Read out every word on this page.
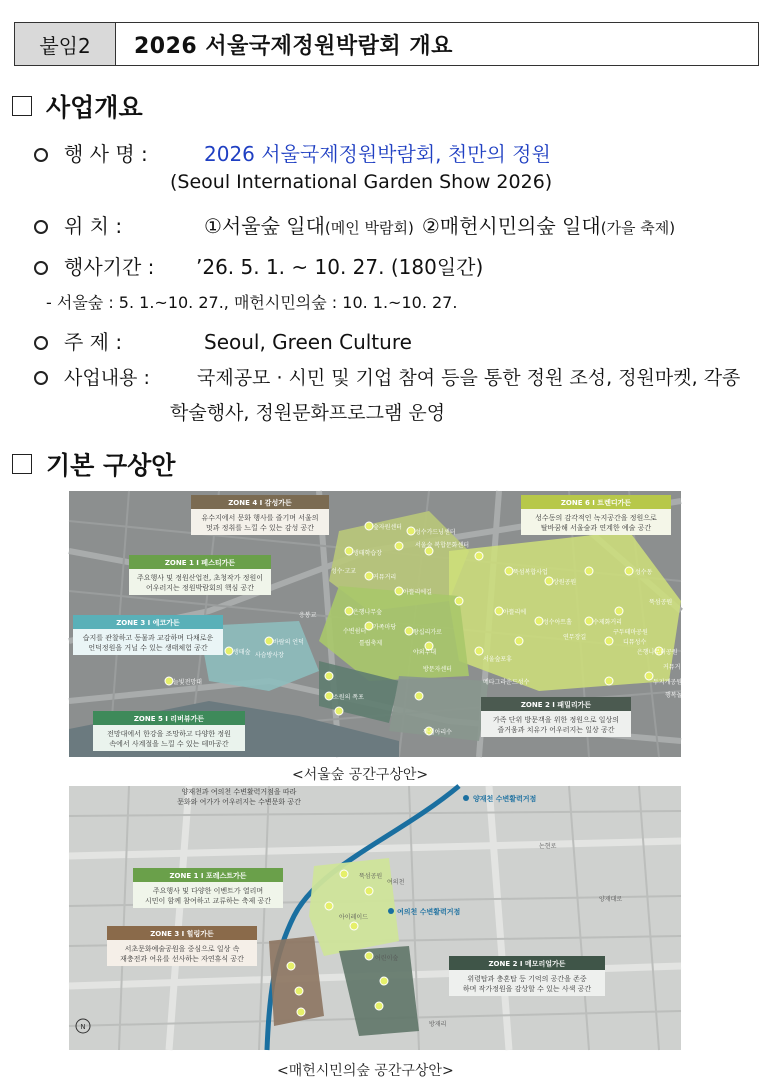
붙임2	2026 서울국제정원박람회 개요
사업개요
행 사 명 :	2026 서울국제정원박람회, 천만의 정원
(Seoul International Garden Show 2026)
위 치 :	①서울숲 일대 (메인 박람회) ②매헌시민의숲 일대 (가을 축제)
행사기간 :	’26. 5. 1. ~ 10. 27. (180일간)
- 서울숲 : 5. 1.~10. 27., 매헌시민의숲 : 10. 1.~10. 27.
주 제 :	Seoul, Green Culture
사업내용 :	국제공모 · 시민 및 기업 참여 등을 통한 정원 조성, 정원마켓, 각종
학술행사, 정원문화프로그램 운영
기본 구상안
ZONE 4 I 감성가든
유수지에서 문화 행사를 즐기며 서울의
멋과 정취를 느낄 수 있는 감성 공간
ZONE 6 I 트렌디가든
성수동의 감각적인 녹지공간을 정원으로
탈바꿈해 서울숲과 연계한 예술 공간
ZONE 1 I 페스티가든
주요행사 및 정원산업전, 초청작가 정원이
어우러지는 정원박람회의 핵심 공간
ZONE 3 I 에코가든
습지를 관찰하고 동물과 교감하며 다채로운
언덕정원을 거닐 수 있는 생태체험 공간
ZONE 5 I 리버뷰가든
전망대에서 한강을 조망하고 다양한 정원
속에서 사계절을 느낄 수 있는 테마공간
ZONE 2 I 패밀리가든
가족 단위 방문객을 위한 정원으로 일상의
즐거움과 치유가 어우러지는 일상 공간
숲자원센터
성수가드닝센터
서울숲 복합문화센터
생태학습장
성수·고교
커뮤거리
아뜰리에길
뚝섬복합사업
은행나무숲
가족마당
수변쉼터
틀립축제
방문자센터
야외무대
서울숲포휴
메타그라운드성수
왕십리가로
생태숲 사슴방사장
바람의 언덕
늘빛전망대
소원의 폭포
뚝섬아리수
응봉교
성수동
상원공원
수제화거리
아뜰리에
구두테마공원
디뮤성수
은행나무터공원
뚝섬공원
성수아트홀
연무장길
커뮤거리
두지개공원
행복놀이터
<서울숲 공간구상안>
양재천과 여의천 수변활력거점을 따라
문화와 여가가 어우러지는 수변문화 공간	양재천 수변활력거점
여의천 수변활력거점
논현로
양재대로
여의천
방재리
아이레이드
뚝섬공원
어린이숲
ZONE 1 I 포레스트가든
주요행사 및 다양한 이벤트가 열리며
시민이 함께 참여하고 교류하는 축제 공간
ZONE 3 I 힐링가든
서초문화예술공원을 중심으로 일상 속
재충전과 여유를 선사하는 자연휴식 공간
ZONE 2 I 메모리얼가든
위령탑과 충혼탑 등 기억의 공간을 존중
하며 작가정원을 감상할 수 있는 사색 공간
N
<매헌시민의숲 공간구상안>
